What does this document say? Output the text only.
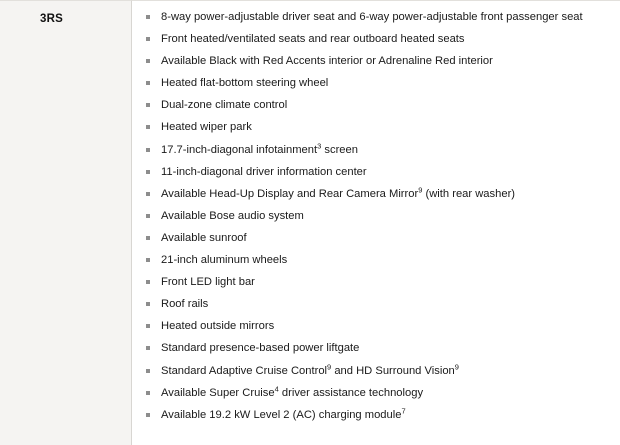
3RS	8-way power-adjustable driver seat and 6-way power-adjustable front passenger seat
Front heated/ventilated seats and rear outboard heated seats
Available Black with Red Accents interior or Adrenaline Red interior
Heated flat-bottom steering wheel
Dual-zone climate control
Heated wiper park
17.7-inch-diagonal infotainment$^3$ screen
11-inch-diagonal driver information center
Available Head-Up Display and Rear Camera Mirror$^9$ (with rear washer)
Available Bose audio system
Available sunroof
21-inch aluminum wheels
Front LED light bar
Roof rails
Heated outside mirrors
Standard presence-based power liftgate
Standard Adaptive Cruise Control$^9$ and HD Surround Vision$^9$
Available Super Cruise$^4$ driver assistance technology
Available 19.2 kW Level 2 (AC) charging module$^7$
